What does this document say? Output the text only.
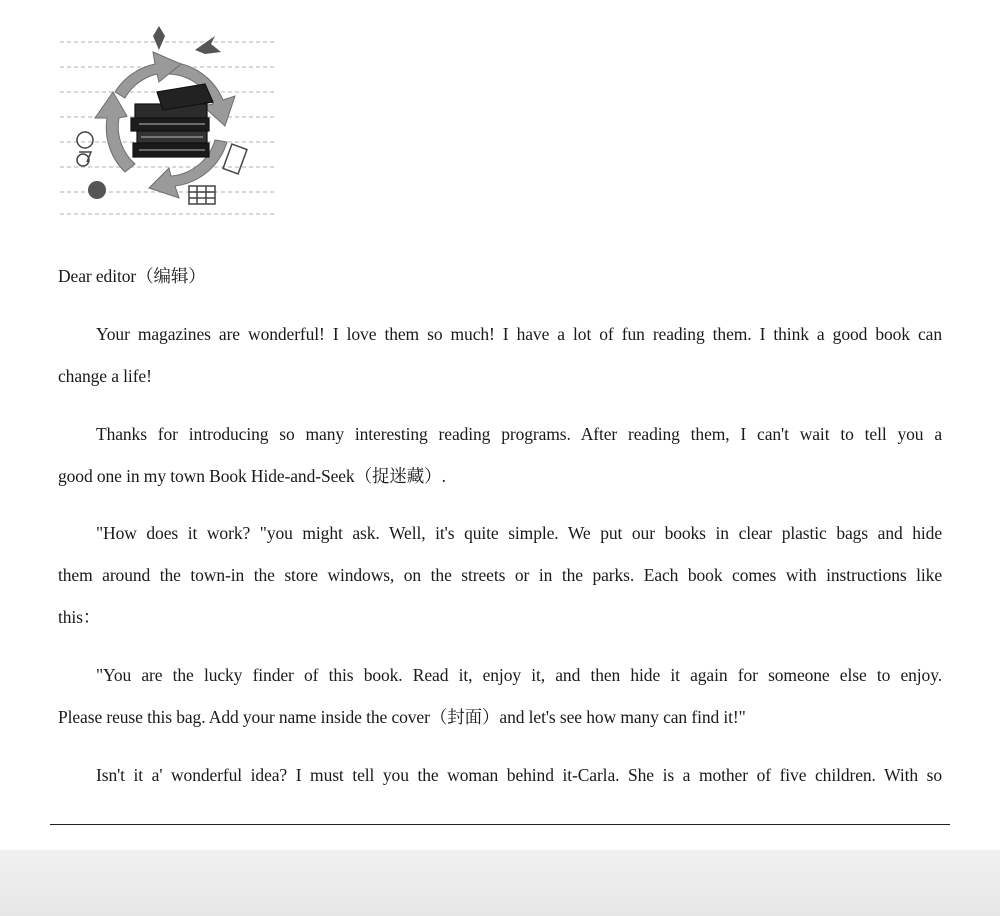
Dear editor（编辑）
Your magazines are wonderful! I love them so much! I have a lot of fun reading them. I think a good book can
change a life!
Thanks for introducing so many interesting reading programs. After reading them, I can't wait to tell you a
good one in my town Book Hide-and-Seek（捉迷藏）.
"How does it work? "you might ask. Well, it's quite simple. We put our books in clear plastic bags and hide
them around the town-in the store windows, on the streets or in the parks. Each book comes with instructions like
this：
"You are the lucky finder of this book. Read it, enjoy it, and then hide it again for someone else to enjoy.
Please reuse this bag. Add your name inside the cover（封面）and let's see how many can find it!"
Isn't it a' wonderful idea? I must tell you the woman behind it-Carla. She is a mother of five children. With so
